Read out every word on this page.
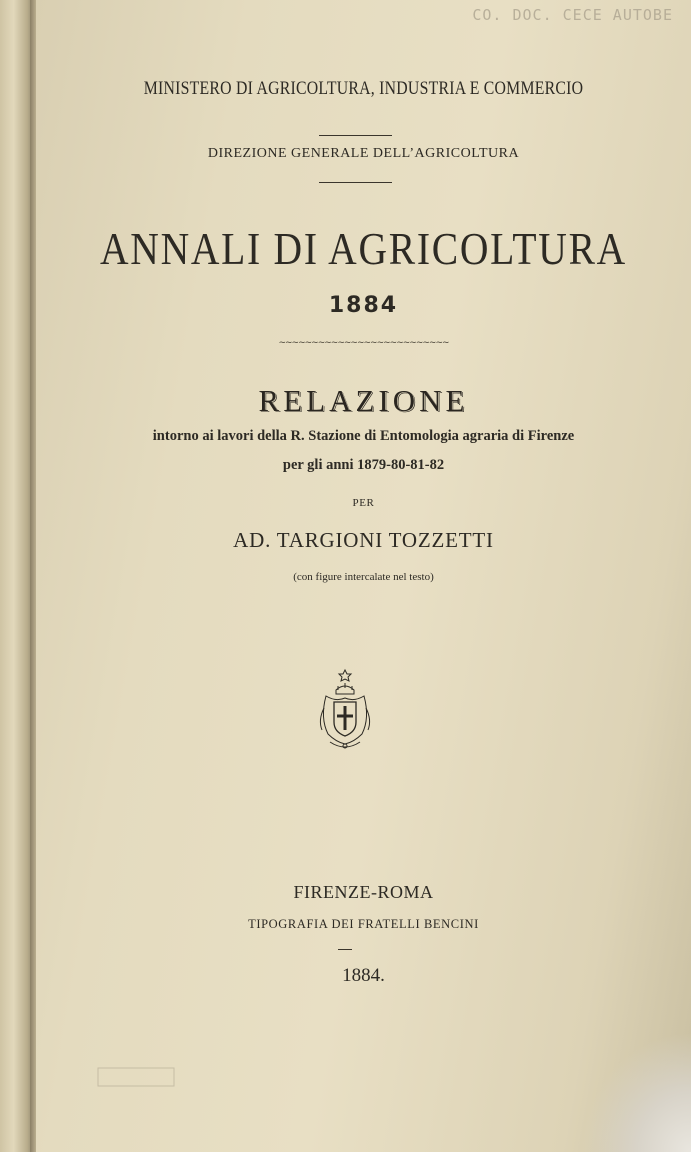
CO. DOC. CECE AUTOBE
MINISTERO DI AGRICOLTURA, INDUSTRIA E COMMERCIO
DIREZIONE GENERALE DELL’AGRICOLTURA
ANNALI DI AGRICOLTURA
1884
~~~~~~~~~~~~~~~~~~~~~~~~~~
RELAZIONE
intorno ai lavori della R. Stazione di Entomologia agraria di Firenze
per gli anni 1879-80-81-82
PER
AD. TARGIONI TOZZETTI
(con figure intercalate nel testo)
FIRENZE-ROMA
TIPOGRAFIA DEI FRATELLI BENCINI
1884.
